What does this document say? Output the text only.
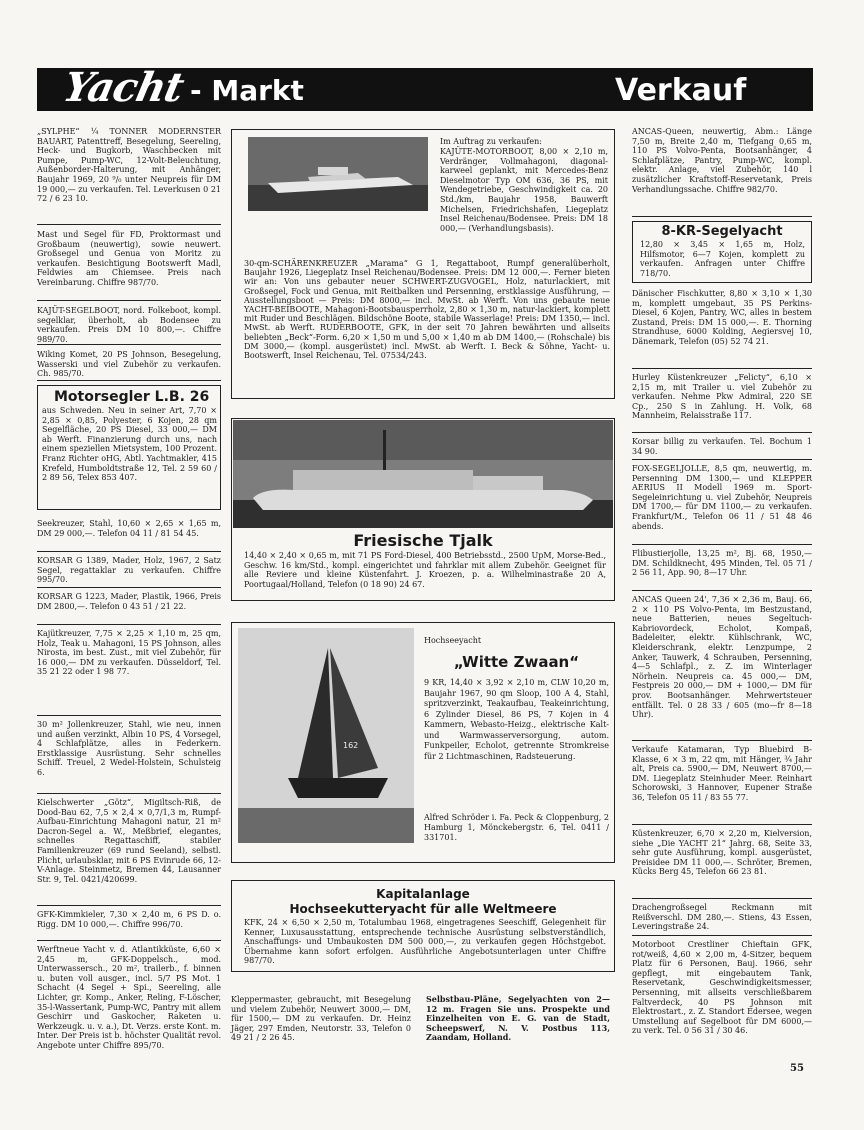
Yacht - Markt	Verkauf
„SYLPHE“ ¼ TONNER MODERNSTER BAUART, Patenttreff, Besegelung, Seereling, Heck- und Bugkorb, Waschbecken mit Pumpe, Pump-WC, 12-Volt-Beleuchtung, Außenborder-Halterung, mit Anhänger, Baujahr 1969, 20 ⁹/₀ unter Neupreis für DM 19 000,— zu verkaufen. Tel. Leverkusen 0 21 72 / 6 23 10.
Mast und Segel für FD, Proktormast und Großbaum (neuwertig), sowie neuwert. Großsegel und Genua von Moritz zu verkaufen. Besichtigung Bootswerft Madl, Feldwies am Chiemsee. Preis nach Vereinbarung. Chiffre 987/70.
KAJÜT-SEGELBOOT, nord. Folkeboot, kompl. segelklar, überholt, ab Bodensee zu verkaufen. Preis DM 10 800,—. Chiffre 989/70.
Wiking Komet, 20 PS Johnson, Besegelung, Wasserski und viel Zubehör zu verkaufen. Ch. 985/70.
Motorsegler L.B. 26
aus Schweden. Neu in seiner Art, 7,70 × 2,85 × 0,85, Polyester, 6 Kojen, 28 qm Segelfläche, 20 PS Diesel, 33 000,— DM ab Werft. Finanzierung durch uns, nach einem speziellen Mietsystem, 100 Prozent. Franz Richter oHG, Abtl. Yachtmakler, 415 Krefeld, Humboldtstraße 12, Tel. 2 59 60 / 2 89 56, Telex 853 407.
Seekreuzer, Stahl, 10,60 × 2,65 × 1,65 m, DM 29 000,—. Telefon 04 11 / 81 54 45.
KORSAR G 1389, Mader, Holz, 1967, 2 Satz Segel, regattaklar zu verkaufen. Chiffre 995/70.
KORSAR G 1223, Mader, Plastik, 1966, Preis DM 2800,—. Telefon 0 43 51 / 21 22.
Kajütkreuzer, 7,75 × 2,25 × 1,10 m, 25 qm, Holz, Teak u. Mahagoni, 15 PS Johnson, alles Nirosta, im best. Zust., mit viel Zubehör, für 16 000,— DM zu verkaufen. Düsseldorf, Tel. 35 21 22 oder 1 98 77.
30 m² Jollenkreuzer, Stahl, wie neu, innen und außen verzinkt, Albin 10 PS, 4 Vorsegel, 4 Schlafplätze, alles in Federkern. Erstklassige Ausrüstung. Sehr schnelles Schiff. Treuel, 2 Wedel-Holstein, Schulsteig 6.
Kielschwerter „Götz“, Migiltsch-Riß, de Dood-Bau 62, 7,5 × 2,4 × 0,7/1,3 m, Rumpf-Aufbau-Einrichtung Mahagoni natur, 21 m² Dacron-Segel a. W., Meßbrief, elegantes, schnelles Regattaschiff, stabiler Familienkreuzer (69 rund Seeland), selbstl. Plicht, urlaubsklar, mit 6 PS Evinrude 66, 12-V-Anlage. Steinmetz, Bremen 44, Lausanner Str. 9, Tel. 0421/420699.
GFK-Kimmkieler, 7,30 × 2,40 m, 6 PS D. o. Rigg. DM 10 000,—. Chiffre 996/70.
Werftneue Yacht v. d. Atlantikküste, 6,60 × 2,45 m, GFK-Doppelsch., mod. Unterwassersch., 20 m², trailerb., f. binnen u. buten voll ausger., incl. 5/7 PS Mot. 1 Schacht (4 Segel + Spi., Seereling, alle Lichter, gr. Komp., Anker, Reling, F-Löscher, 35-l-Wassertank, Pump-WC, Pantry mit allem Geschirr und Gaskocher, Raketen u. Werkzeugk. u. v. a.), Dt. Verzs. erste Kont. m. Inter. Der Preis ist b. höchster Qualität revol. Angebote unter Chiffre 895/70.
Im Auftrag zu verkaufen:
KAJÜTE-MOTORBOOT, 8,00 × 2,10 m, Verdränger, Vollmahagoni, diagonal-karweel geplankt, mit Mercedes-Benz Dieselmotor Typ OM 636, 36 PS, mit Wendegetriebe, Geschwindigkeit ca. 20 Std./km, Baujahr 1958, Bauwerft Michelsen, Friedrichshafen, Liegeplatz Insel Reichenau/Bodensee. Preis: DM 18 000,— (Verhandlungsbasis).
30-qm-SCHÄRENKREUZER „Marama“ G 1, Regattaboot, Rumpf generalüberholt, Baujahr 1926, Liegeplatz Insel Reichenau/Bodensee. Preis: DM 12 000,—. Ferner bieten wir an: Von uns gebauter neuer SCHWERT-ZUGVOGEL, Holz, naturlackiert, mit Großsegel, Fock und Genua, mit Reitbalken und Persenning, erstklassige Ausführung, — Ausstellungsboot — Preis: DM 8000,— incl. MwSt. ab Werft. Von uns gebaute neue YACHT-BEIBOOTE, Mahagoni-Bootsbausperrholz, 2,80 × 1,30 m, natur-lackiert, komplett mit Ruder und Beschlägen. Bildschöne Boote, stabile Wasserlage! Preis: DM 1350,— incl. MwSt. ab Werft. RUDERBOOTE, GFK, in der seit 70 Jahren bewährten und allseits beliebten „Beck“-Form. 6,20 × 1,50 m und 5,00 × 1,40 m ab DM 1400,— (Rohschale) bis DM 3000,— (kompl. ausgerüstet) incl. MwSt. ab Werft. I. Beck & Söhne, Yacht- u. Bootswerft, Insel Reichenau, Tel. 07534/243.
Friesische Tjalk
14,40 × 2,40 × 0,65 m, mit 71 PS Ford-Diesel, 400 Betriebsstd., 2500 UpM, Morse-Bed., Geschw. 16 km/Std., kompl. eingerichtet und fahrklar mit allem Zubehör. Geeignet für alle Reviere und kleine Küstenfahrt. J. Kroezen, p. a. Wilhelminastraße 20 A, Poortugaal/Holland, Telefon (0 18 90) 24 67.
162
Hochseeyacht
„Witte Zwaan“
9 KR, 14,40 × 3,92 × 2,10 m, CLW 10,20 m, Baujahr 1967, 90 qm Sloop, 100 A 4, Stahl, spritzverzinkt, Teakaufbau, Teakeinrichtung, 6 Zylinder Diesel, 86 PS, 7 Kojen in 4 Kammern, Webasto-Heizg., elektrische Kalt- und Warmwasserversorgung, autom. Funkpeiler, Echolot, getrennte Stromkreise für 2 Lichtmaschinen, Radsteuerung.
Alfred Schröder i. Fa. Peck & Cloppenburg, 2 Hamburg 1, Mönckebergstr. 6, Tel. 0411 / 331701.
Kapitalanlage
Hochseekutteryacht für alle Weltmeere
KFK, 24 × 6,50 × 2,50 m, Totalumbau 1968, eingetragenes Seeschiff, Gelegenheit für Kenner, Luxusausstattung, entsprechende technische Ausrüstung selbstverständlich, Anschaffungs- und Umbaukosten DM 500 000,—, zu verkaufen gegen Höchstgebot. Übernahme kann sofort erfolgen. Ausführliche Angebotsunterlagen unter Chiffre 987/70.
Kleppermaster, gebraucht, mit Besegelung und vielem Zubehör, Neuwert 3000,— DM, für 1500,— DM zu verkaufen. Dr. Heinz Jäger, 297 Emden, Neutorstr. 33, Telefon 0 49 21 / 2 26 45.
Selbstbau-Pläne, Segelyachten von 2—12 m. Fragen Sie uns. Prospekte und Einzelheiten von E. G. van de Stadt, Scheepswerf, N. V. Postbus 113, Zaandam, Holland.
ANCAS-Queen, neuwertig, Abm.: Länge 7,50 m, Breite 2,40 m, Tiefgang 0,65 m, 110 PS Volvo-Penta, Bootsanhänger, 4 Schlafplätze, Pantry, Pump-WC, kompl. elektr. Anlage, viel Zubehör, 140 l zusätzlicher Kraftstoff-Reservetank, Preis Verhandlungssache. Chiffre 982/70.
8-KR-Segelyacht
12,80 × 3,45 × 1,65 m, Holz, Hilfsmotor, 6—7 Kojen, komplett zu verkaufen. Anfragen unter Chiffre 718/70.
Dänischer Fischkutter, 8,80 × 3,10 × 1,30 m, komplett umgebaut, 35 PS Perkins-Diesel, 6 Kojen, Pantry, WC, alles in bestem Zustand, Preis: DM 15 000,—. E. Thorning Strandhuse, 6000 Kolding, Aegiersvej 10, Dänemark, Telefon (05) 52 74 21.
Hurley Küstenkreuzer „Felicty“, 6,10 × 2,15 m, mit Trailer u. viel Zubehör zu verkaufen. Nehme Pkw Admiral, 220 SE Cp., 250 S in Zahlung. H. Volk, 68 Mannheim, Relaisstraße 117.
Korsar billig zu verkaufen. Tel. Bochum 1 34 90.
FOX-SEGELJOLLE, 8,5 qm, neuwertig, m. Persenning DM 1300,— und KLEPPER AERIUS II Modell 1969 m. Sport-Segeleinrichtung u. viel Zubehör, Neupreis DM 1700,— für DM 1100,— zu verkaufen. Frankfurt/M., Telefon 06 11 / 51 48 46 abends.
Flibustierjolle, 13,25 m², Bj. 68, 1950,— DM. Schildknecht, 495 Minden, Tel. 05 71 / 2 56 11, App. 90, 8—17 Uhr.
ANCAS Queen 24', 7,36 × 2,36 m, Bauj. 66, 2 × 110 PS Volvo-Penta, im Bestzustand, neue Batterien, neues Segeltuch-Kabriovordeck, Echolot, Kompaß, Badeleiter, elektr. Kühlschrank, WC, Kleiderschrank, elektr. Lenzpumpe, 2 Anker, Tauwerk, 4 Schrauben, Persenning, 4—5 Schlafpl., z. Z. im Winterlager Nörhein. Neupreis ca. 45 000,— DM, Festpreis 20 000,— DM + 1000,— DM für prov. Bootsanhänger. Mehrwertsteuer entfällt. Tel. 0 28 33 / 605 (mo—fr 8—18 Uhr).
Verkaufe Katamaran, Typ Bluebird B-Klasse, 6 × 3 m, 22 qm, mit Hänger, ¾ Jahr alt, Preis ca. 5900,— DM, Neuwert 8700,— DM. Liegeplatz Steinhuder Meer. Reinhart Schorowski, 3 Hannover, Eupener Straße 36, Telefon 05 11 / 83 55 77.
Küstenkreuzer, 6,70 × 2,20 m, Kielversion, siehe „Die YACHT 21“ Jahrg. 68, Seite 33, sehr gute Ausführung, kompl. ausgerüstet, Preisidee DM 11 000,—. Schröter, Bremen, Kücks Berg 45, Telefon 66 23 81.
Drachengroßsegel Reckmann mit Reißverschl. DM 280,—. Stiens, 43 Essen, Leveringstraße 24.
Motorboot Crestliner Chieftain GFK, rot/weiß, 4,60 × 2,00 m, 4-Sitzer, bequem Platz für 6 Personen, Bauj. 1966, sehr gepflegt, mit eingebautem Tank, Reservetank, Geschwindigkeitsmesser, Persenning, mit allseits verschließbarem Faltverdeck, 40 PS Johnson mit Elektrostart., z. Z. Standort Edersee, wegen Umstellung auf Segelboot für DM 6000,— zu verk. Tel. 0 56 31 / 30 46.
55
